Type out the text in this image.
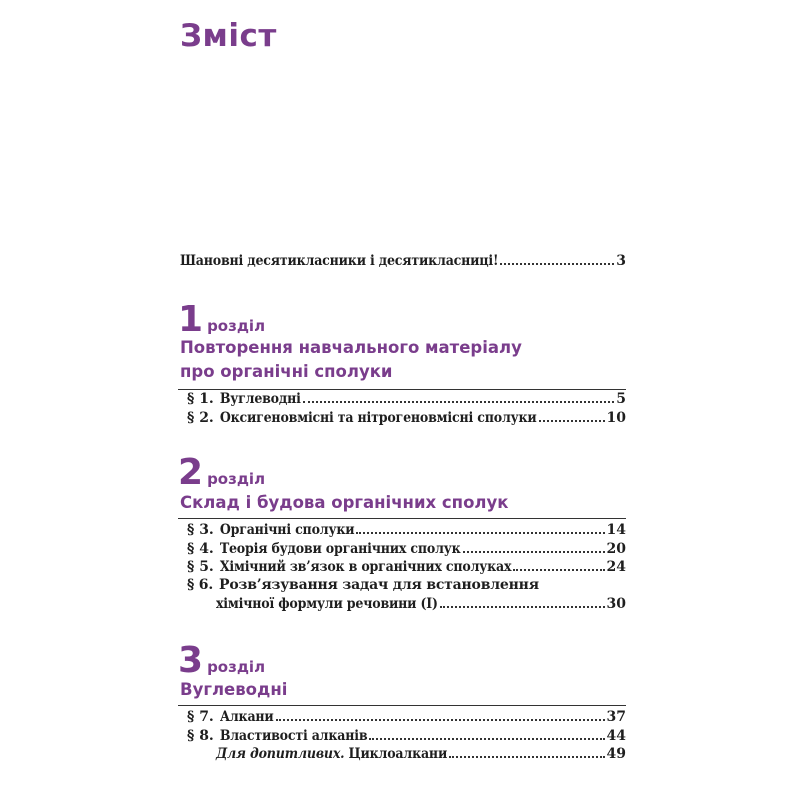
Зміст
Шановні десятикласники і десятикласниці!	3
1 розділ
Повторення навчального матеріалу
про органічні сполуки
§ 1. Вуглеводні	5
§ 2. Оксигеновмісні та нітрогеновмісні сполуки	10
2 розділ
Склад і будова органічних сполук
§ 3. Органічні сполуки	14
§ 4. Теорія будови органічних сполук	20
§ 5. Хімічний зв’язок в органічних сполуках	24
§ 6. Розв’язування задач для встановлення
хімічної формули речовини (І)	30
3 розділ
Вуглеводні
§ 7. Алкани	37
§ 8. Властивості алканів	44
Для допитливих. Циклоалкани	49
